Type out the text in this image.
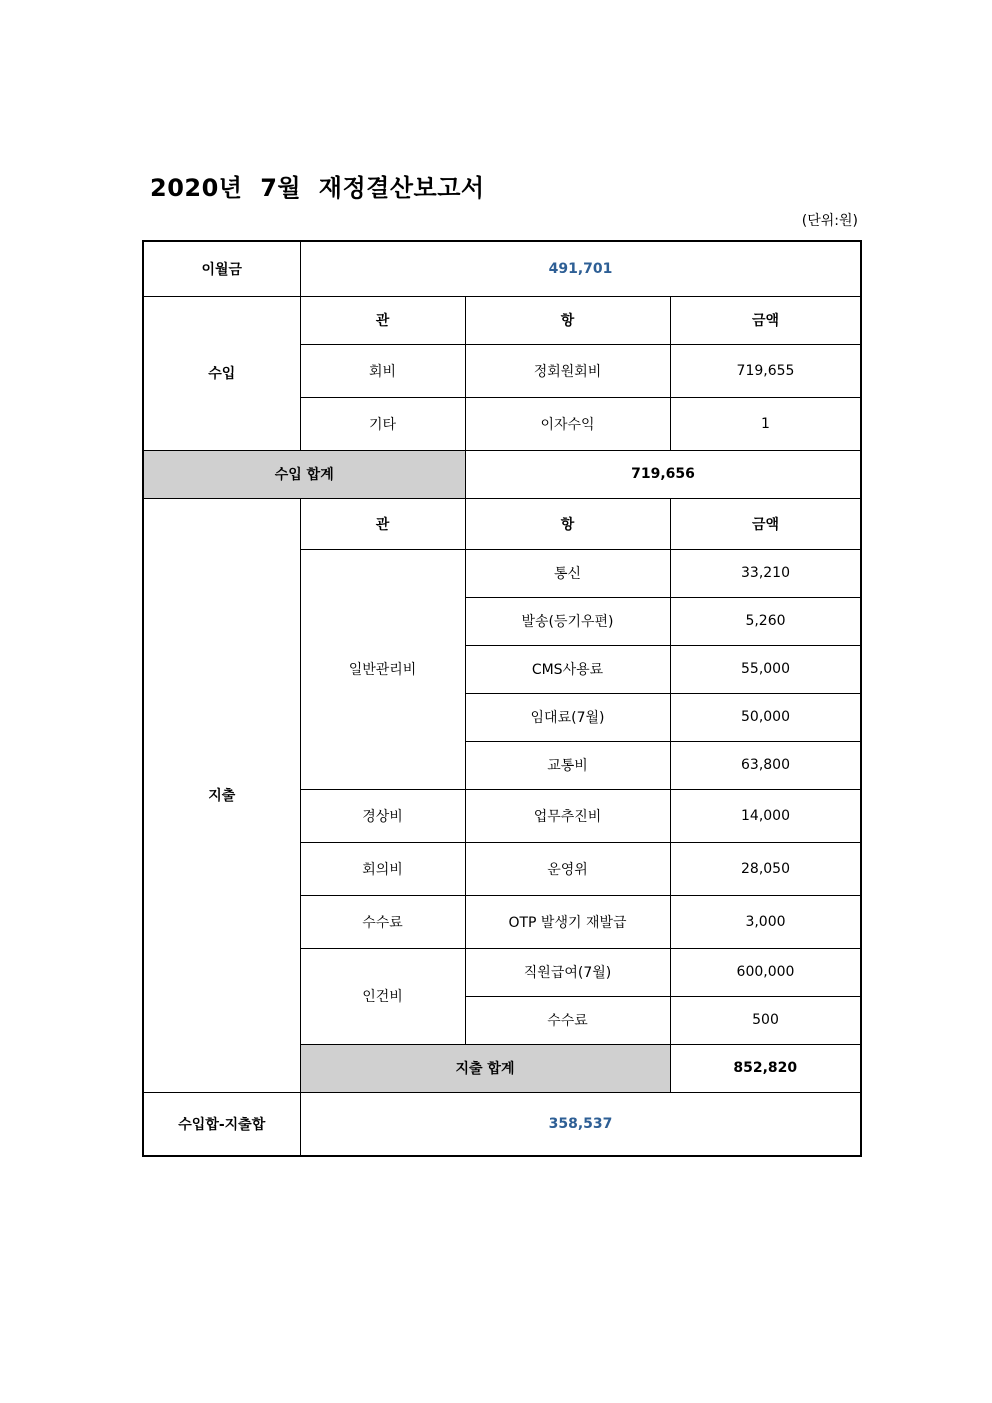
2020년  7월  재정결산보고서
(단위:원)
이월금	491,701		
수입	관	항	금액
	회비	정회원회비	719,655
	기타	이자수익	1
수입 합계		719,656	
지출	관	항	금액
	일반관리비	통신	33,210
		발송(등기우편)	5,260
		CMS사용료	55,000
		임대료(7월)	50,000
		교통비	63,800
	경상비	업무추진비	14,000
	회의비	운영위	28,050
	수수료	OTP 발생기 재발급	3,000
	인건비	직원급여(7월)	600,000
		수수료	500
	지출 합계		852,820
수입합-지출합	358,537		
